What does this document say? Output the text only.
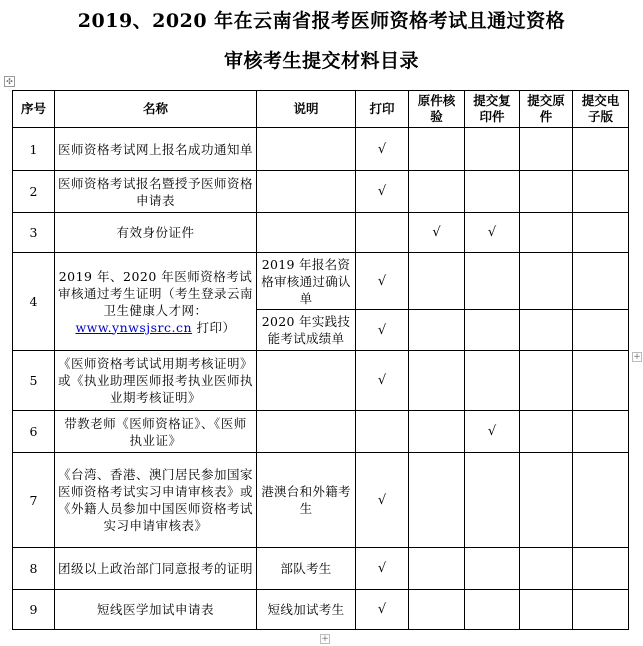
2019、2020 年在云南省报考医师资格考试且通过资格
审核考生提交材料目录
✣
序号	名称	说明	打印	原件核验	提交复印件	提交原件	提交电子版
1	医师资格考试网上报名成功通知单		√				
2	医师资格考试报名暨授予医师资格申请表		√				
3	有效身份证件			√	√		
4	2019 年、2020 年医师资格考试审核通过考生证明（考生登录云南卫生健康人才网：www.ynwsjsrc.cn 打印）	2019 年报名资格审核通过确认单	√				
		2020 年实践技能考试成绩单	√				
5	《医师资格考试试用期考核证明》或《执业助理医师报考执业医师执业期考核证明》		√				
6	带教老师《医师资格证》、《医师执业证》				√		
7	《台湾、香港、澳门居民参加国家医师资格考试实习申请审核表》或《外籍人员参加中国医师资格考试实习申请审核表》	港澳台和外籍考生	√				
8	团级以上政治部门同意报考的证明	部队考生	√				
9	短线医学加试申请表	短线加试考生	√				
+
+
